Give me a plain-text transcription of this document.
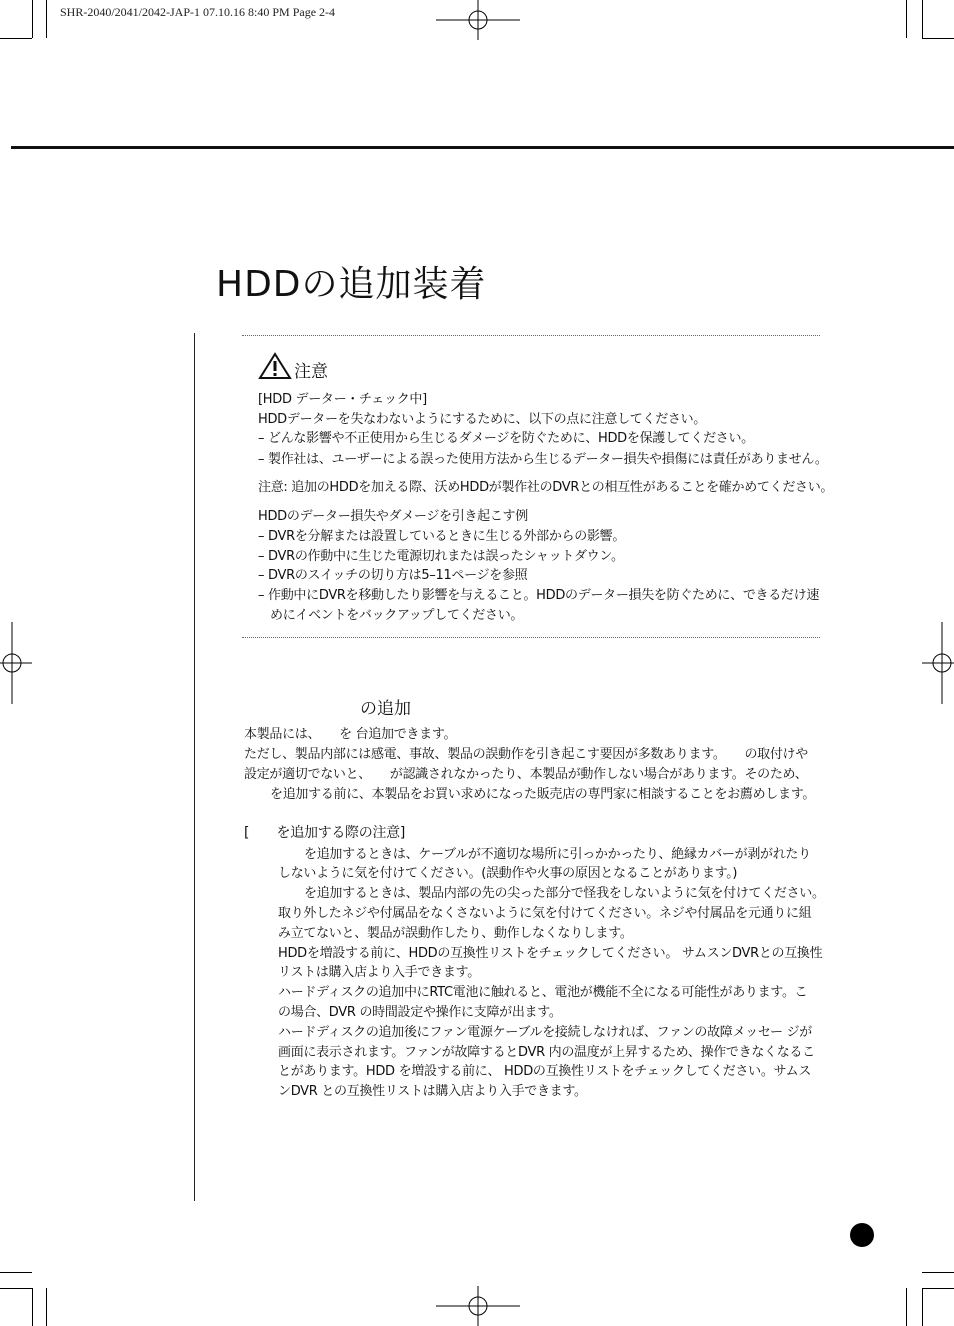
SHR-2040/2041/2042-JAP-1 07.10.16 8:40 PM Page 2-4
HDDの追加装着
注意
[HDD データー・チェック中]
HDDデーターを失なわないようにするために、以下の点に注意してください。
– どんな影響や不正使用から生じるダメージを防ぐために、HDDを保護してください。
– 製作社は、ユーザーによる誤った使用方法から生じるデーター損失や損傷には責任がありません。
注意: 追加のHDDを加える際、沃めHDDが製作社のDVRとの相互性があることを確かめてください。
HDDのデーター損失やダメージを引き起こす例
– DVRを分解または設置しているときに生じる外部からの影響。
– DVRの作動中に生じた電源切れまたは誤ったシャットダウン。
– DVRのスイッチの切り方は5–11ページを参照
– 作動中にDVRを移動したり影響を与えること。HDDのデーター損失を防ぐために、できるだけ速
めにイベントをバックアップしてください。
の追加
本製品には、　　を 台追加できます。
ただし、製品内部には感電、事故、製品の誤動作を引き起こす要因が多数あります。　　の取付けや
設定が適切でないと、　　が認識されなかったり、本製品が動作しない場合があります。そのため、
を追加する前に、本製品をお買い求めになった販売店の専門家に相談することをお薦めします。
[　　を追加する際の注意]
を追加するときは、ケーブルが不適切な場所に引っかかったり、絶縁カバーが剥がれたり
しないように気を付けてください。(誤動作や火事の原因となることがあります。)
を追加するときは、製品内部の先の尖った部分で怪我をしないように気を付けてください。
取り外したネジや付属品をなくさないように気を付けてください。ネジや付属品を元通りに組
み立てないと、製品が誤動作したり、動作しなくなりします。
HDDを増設する前に、HDDの互換性リストをチェックしてください。 サムスンDVRとの互換性
リストは購入店より入手できます。
ハードディスクの追加中にRTC電池に触れると、電池が機能不全になる可能性があります。こ
の場合、DVR の時間設定や操作に支障が出ます。
ハードディスクの追加後にファン電源ケーブルを接続しなければ、ファンの故障メッセー ジが
画面に表示されます。ファンが故障するとDVR 内の温度が上昇するため、操作できなくなるこ
とがあります。HDD を増設する前に、 HDDの互換性リストをチェックしてください。サムス
ンDVR との互換性リストは購入店より入手できます。
